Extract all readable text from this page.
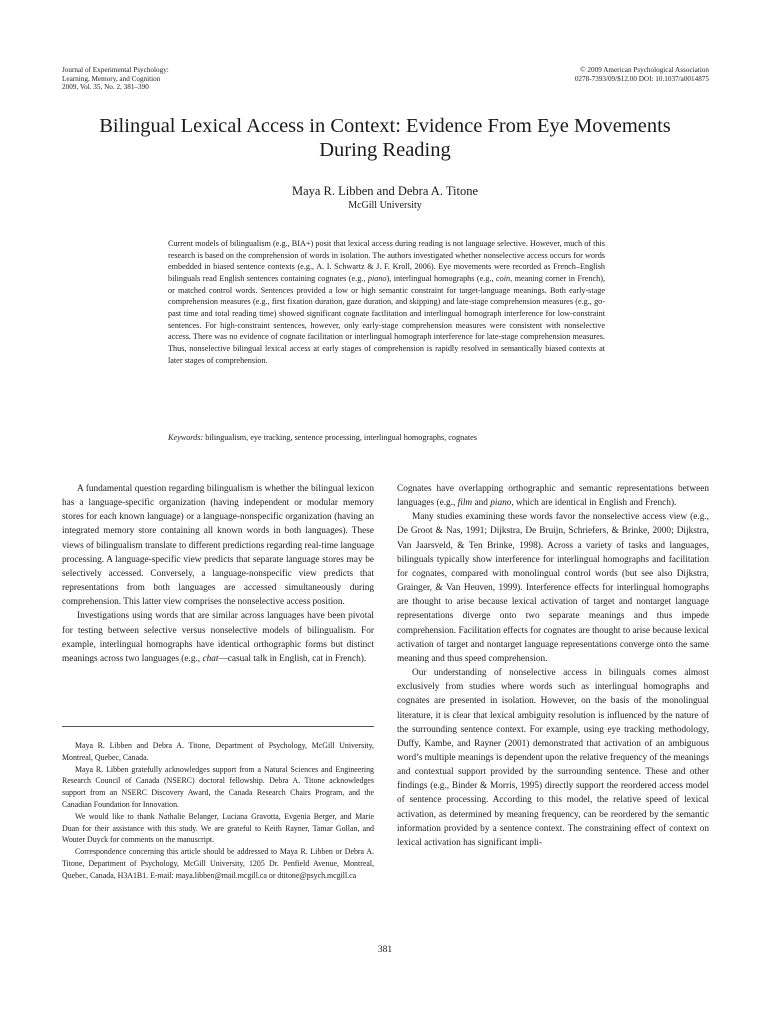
Journal of Experimental Psychology:
Learning, Memory, and Cognition
2009, Vol. 35, No. 2, 381–390
© 2009 American Psychological Association
0278-7393/09/$12.00 DOI: 10.1037/a0014875
Bilingual Lexical Access in Context: Evidence From Eye Movements
During Reading
Maya R. Libben and Debra A. Titone
McGill University

Current models of bilingualism (e.g., BIA+) posit that lexical access during reading is not language selective. However, much of this research is based on the comprehension of words in isolation. The authors investigated whether nonselective access occurs for words embedded in biased sentence contexts (e.g., A. I. Schwartz & J. F. Kroll, 2006). Eye movements were recorded as French–English bilinguals read English sentences containing cognates (e.g., piano), interlingual homographs (e.g., coin, meaning corner in French), or matched control words. Sentences provided a low or high semantic constraint for target-language meanings. Both early-stage comprehension measures (e.g., first fixation duration, gaze duration, and skipping) and late-stage comprehension measures (e.g., go-past time and total reading time) showed significant cognate facilitation and interlingual homograph interference for low-constraint sentences. For high-constraint sentences, however, only early-stage comprehension measures were consistent with nonselective access. There was no evidence of cognate facilitation or interlingual homograph interference for late-stage comprehension measures. Thus, nonselective bilingual lexical access at early stages of comprehension is rapidly resolved in semantically biased contexts at later stages of comprehension.

Keywords: bilingualism, eye tracking, sentence processing, interlingual homographs, cognates

A fundamental question regarding bilingualism is whether the bilingual lexicon has a language-specific organization (having independent or modular memory stores for each known language) or a language-nonspecific organization (having an integrated memory store containing all known words in both languages). These views of bilingualism translate to different predictions regarding real-time language processing. A language-specific view predicts that separate language stores may be selectively accessed. Conversely, a language-nonspecific view predicts that representations from both languages are accessed simultaneously during comprehension. This latter view comprises the nonselective access position.

Investigations using words that are similar across languages have been pivotal for testing between selective versus nonselective models of bilingualism. For example, interlingual homographs have identical orthographic forms but distinct meanings across two languages (e.g., chat—casual talk in English, cat in French).

Maya R. Libben and Debra A. Titone, Department of Psychology, McGill University, Montreal, Quebec, Canada.

Maya R. Libben gratefully acknowledges support from a Natural Sciences and Engineering Research Council of Canada (NSERC) doctoral fellowship. Debra A. Titone acknowledges support from an NSERC Discovery Award, the Canada Research Chairs Program, and the Canadian Foundation for Innovation.

We would like to thank Nathalie Belanger, Luciana Gravotta, Evgenia Berger, and Marie Duan for their assistance with this study. We are grateful to Keith Rayner, Tamar Gollan, and Wouter Duyck for comments on the manuscript.

Correspondence concerning this article should be addressed to Maya R. Libben or Debra A. Titone, Department of Psychology, McGill University, 1205 Dr. Penfield Avenue, Montreal, Quebec, Canada, H3A1B1. E-mail: maya.libben@mail.mcgill.ca or dtitone@psych.mcgill.ca

Cognates have overlapping orthographic and semantic representations between languages (e.g., film and piano, which are identical in English and French).

Many studies examining these words favor the nonselective access view (e.g., De Groot & Nas, 1991; Dijkstra, De Bruijn, Schriefers, & Brinke, 2000; Dijkstra, Van Jaarsveld, & Ten Brinke, 1998). Across a variety of tasks and languages, bilinguals typically show interference for interlingual homographs and facilitation for cognates, compared with monolingual control words (but see also Dijkstra, Grainger, & Van Heuven, 1999). Interference effects for interlingual homographs are thought to arise because lexical activation of target and nontarget language representations diverge onto two separate meanings and thus impede comprehension. Facilitation effects for cognates are thought to arise because lexical activation of target and nontarget language representations converge onto the same meaning and thus speed comprehension.

Our understanding of nonselective access in bilinguals comes almost exclusively from studies where words such as interlingual homographs and cognates are presented in isolation. However, on the basis of the monolingual literature, it is clear that lexical ambiguity resolution is influenced by the nature of the surrounding sentence context. For example, using eye tracking methodology, Duffy, Kambe, and Rayner (2001) demonstrated that activation of an ambiguous word’s multiple meanings is dependent upon the relative frequency of the meanings and contextual support provided by the surrounding sentence. These and other findings (e.g., Binder & Morris, 1995) directly support the reordered access model of sentence processing. According to this model, the relative speed of lexical activation, as determined by meaning frequency, can be reordered by the semantic information provided by a sentence context. The constraining effect of context on lexical activation has significant impli-

381
